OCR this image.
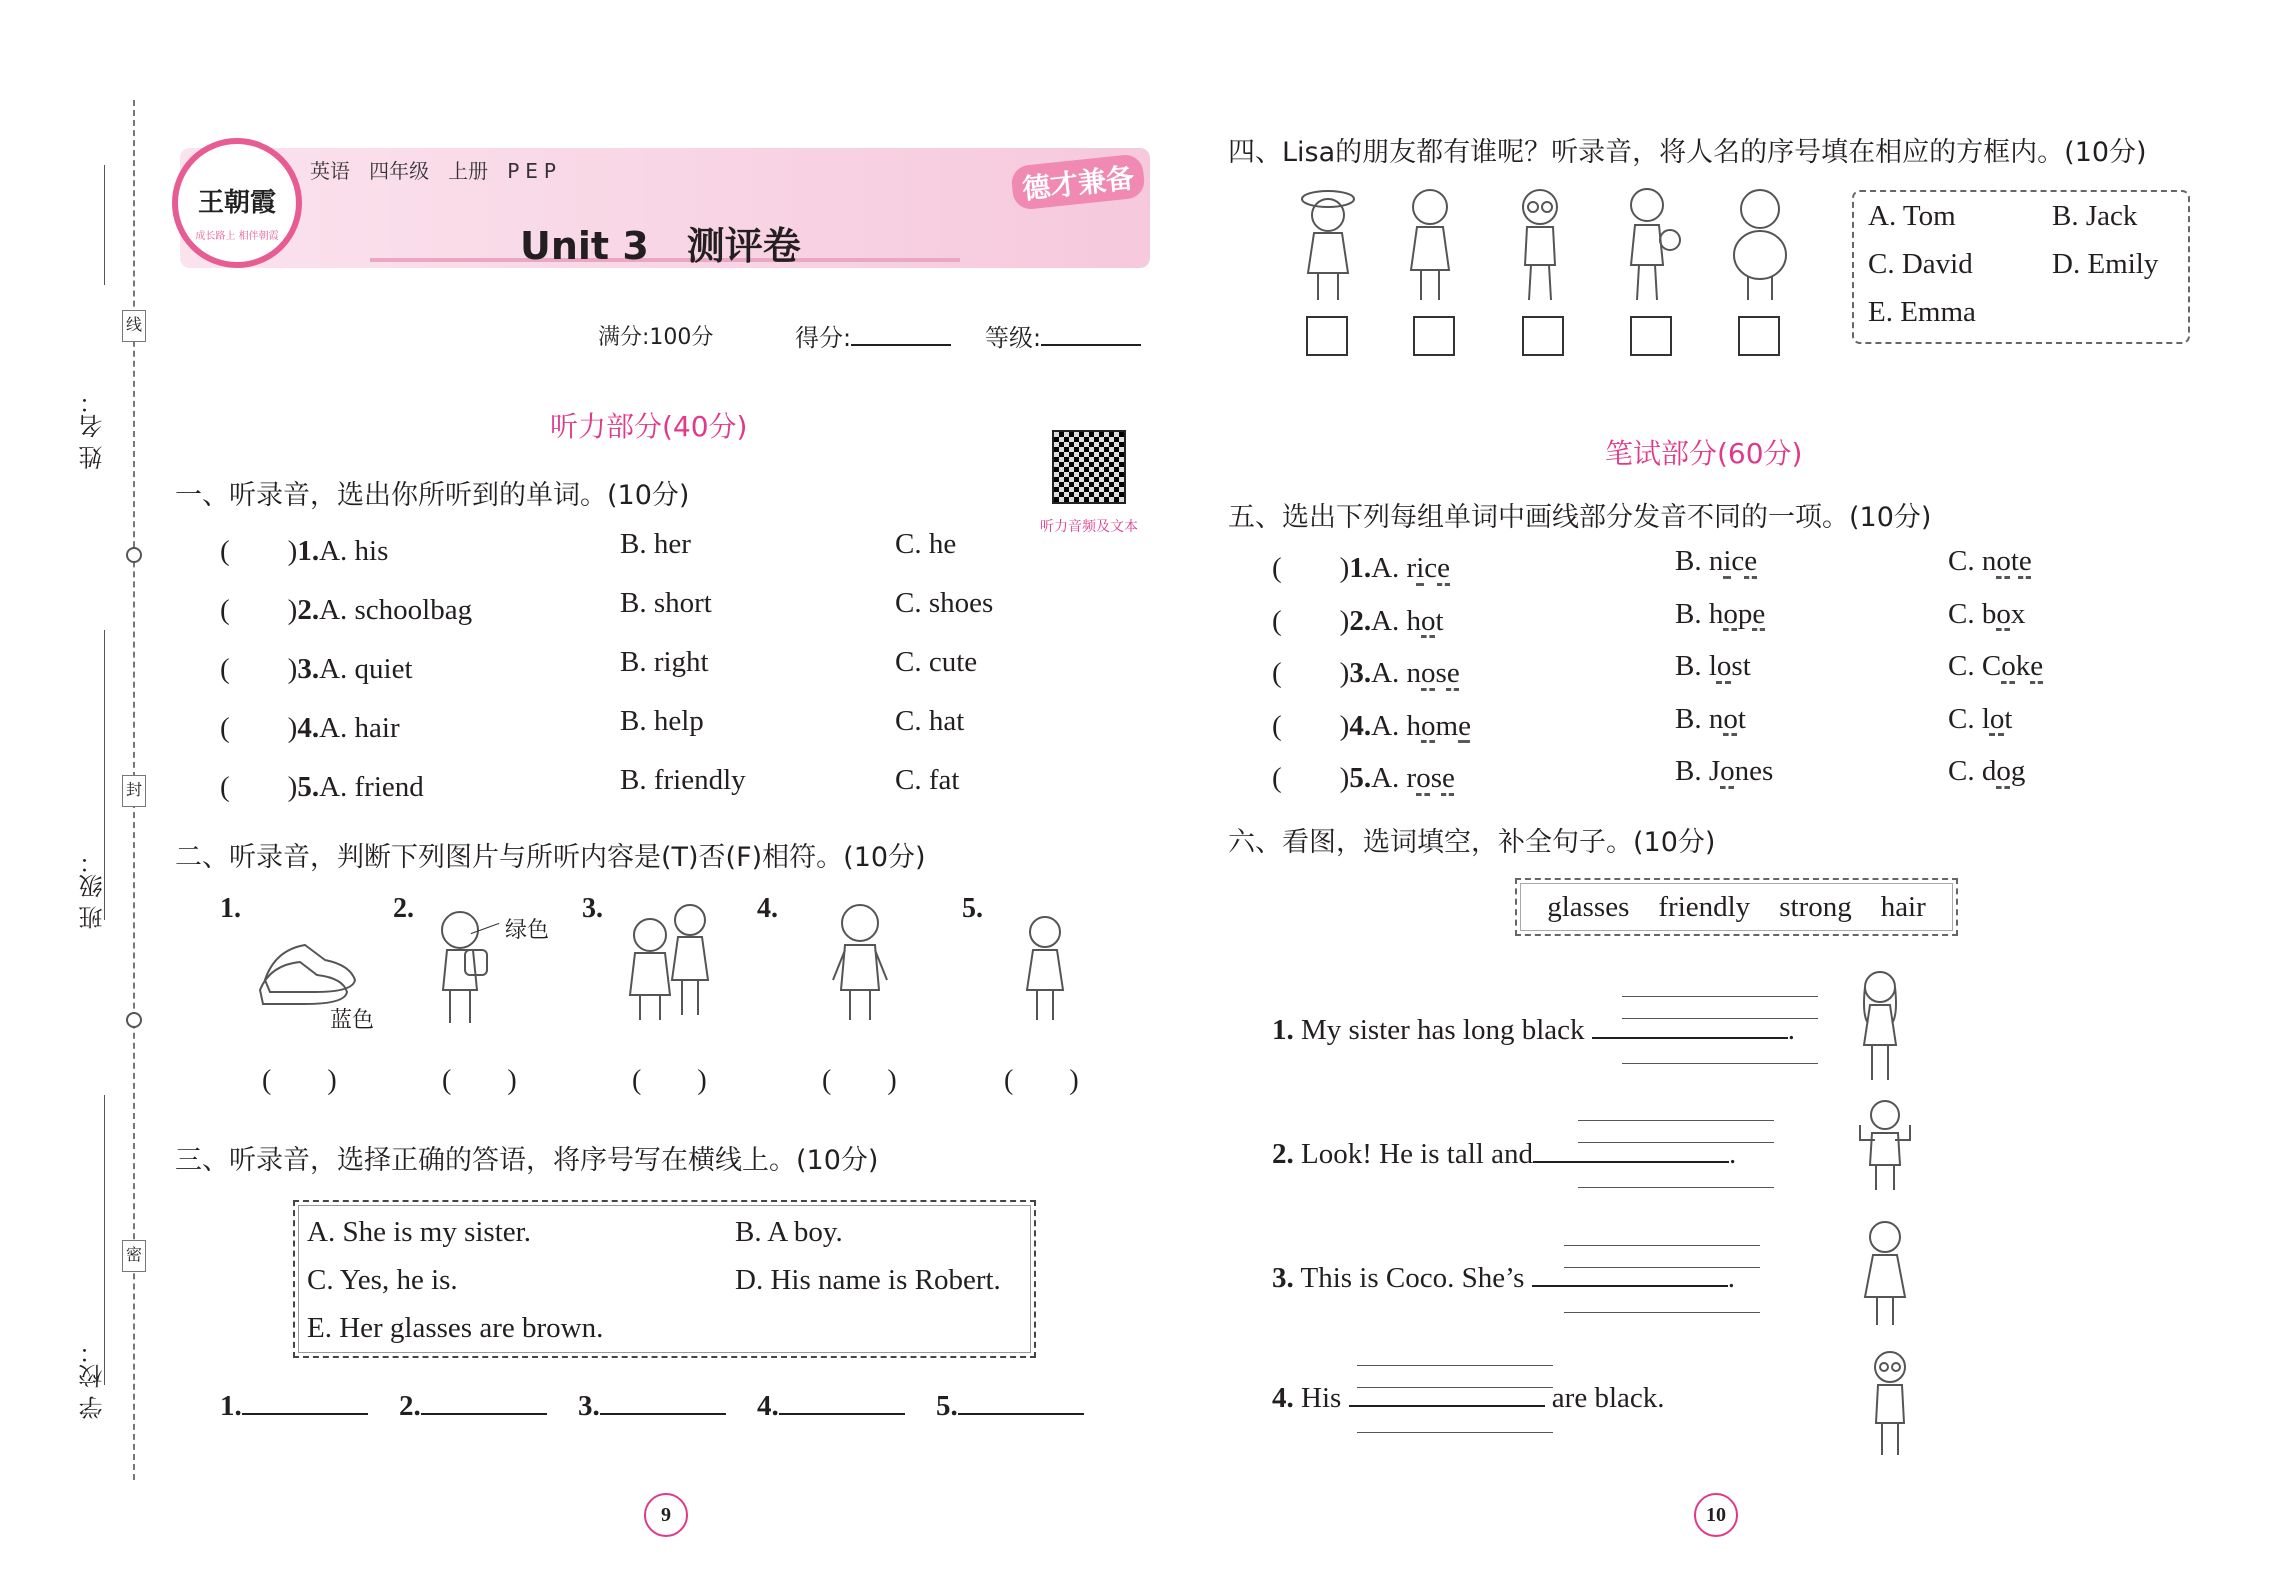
姓 名：
班 级：
学 校：
线
封
密
王朝霞
成长路上 相伴朝霞
英语 四年级 上册 PEP
Unit 3　测评卷
德才兼备
满分:100分	得分:	等级:
听力部分(40分)
听力音频及文本
一、听录音，选出你所听到的单词。(10分)
(　　)1.A. his	B. her	C. he
(　　)2.A. schoolbag	B. short	C. shoes
(　　)3.A. quiet	B. right	C. cute
(　　)4.A. hair	B. help	C. hat
(　　)5.A. friend	B. friendly	C. fat
二、听录音，判断下列图片与所听内容是(T)否(F)相符。(10分)
1.	2.	3.	4.	5.
蓝色
绿色
(　　)	(　　)	(　　)	(　　)	(　　)
三、听录音，选择正确的答语，将序号写在横线上。(10分)
A. She is my sister.	B. A boy.
C. Yes, he is.	D. His name is Robert.
E. Her glasses are brown.
1.	2.	3.	4.	5.
9	10
四、Lisa的朋友都有谁呢？听录音，将人名的序号填在相应的方框内。(10分)
A. Tom	B. Jack
C. David	D. Emily
E. Emma
笔试部分(60分)
五、选出下列每组单词中画线部分发音不同的一项。(10分)
(　　)1.A. rice	B. nice	C. note
(　　)2.A. hot	B. hope	C. box
(　　)3.A. nose	B. lost	C. Coke
(　　)4.A. home	B. not	C. lot
(　　)5.A. rose	B. Jones	C. dog
六、看图，选词填空，补全句子。(10分)
glasses friendly strong hair
1. My sister has long black	.
2. Look! He is tall and	.
3. This is Coco. She’s	.
4. His	are black.
